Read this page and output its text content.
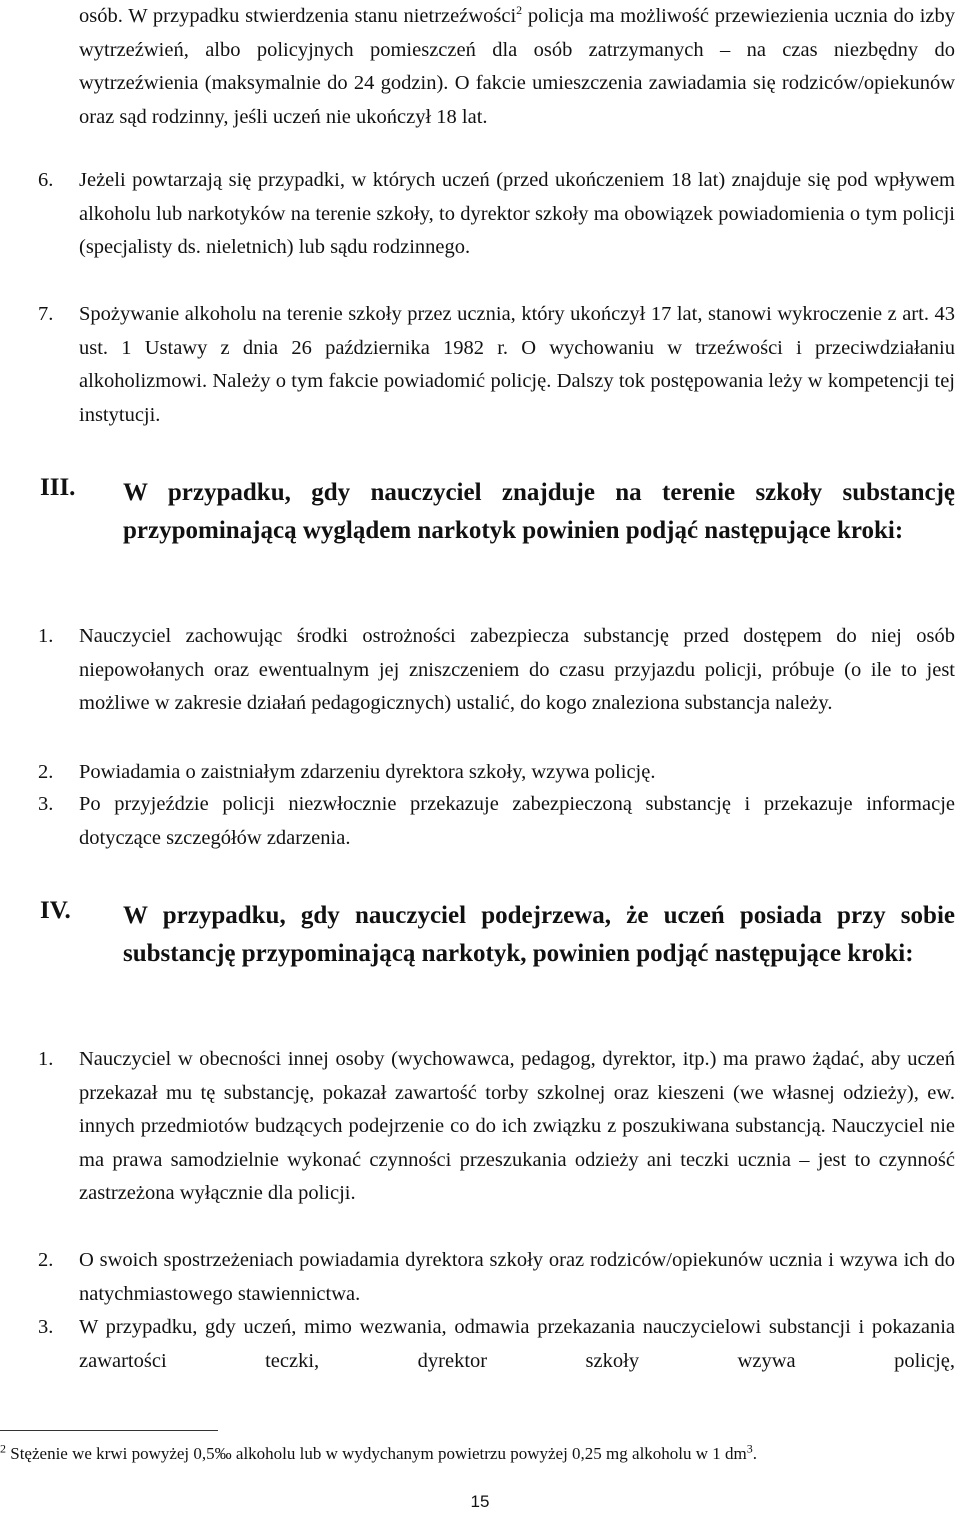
osób. W przypadku stwierdzenia stanu nietrzeźwości$^2$ policja ma możliwość przewiezienia ucznia do izby wytrzeźwień, albo policyjnych pomieszczeń dla osób zatrzymanych – na czas niezbędny do wytrzeźwienia (maksymalnie do 24 godzin). O fakcie umieszczenia zawiadamia się rodziców/opiekunów oraz sąd rodzinny, jeśli uczeń nie ukończył 18 lat.
6. Jeżeli powtarzają się przypadki, w których uczeń (przed ukończeniem 18 lat) znajduje się pod wpływem alkoholu lub narkotyków na terenie szkoły, to dyrektor szkoły ma obowiązek powiadomienia o tym policji (specjalisty ds. nieletnich) lub sądu rodzinnego.
7. Spożywanie alkoholu na terenie szkoły przez ucznia, który ukończył 17 lat, stanowi wykroczenie z art. 43 ust. 1 Ustawy z dnia 26 października 1982 r. O wychowaniu w trzeźwości i przeciwdziałaniu alkoholizmowi. Należy o tym fakcie powiadomić policję. Dalszy tok postępowania leży w kompetencji tej instytucji.
III. W przypadku, gdy nauczyciel znajduje na terenie szkoły substancję przypominającą wyglądem narkotyk powinien podjąć następujące kroki:
1. Nauczyciel zachowując środki ostrożności zabezpiecza substancję przed dostępem do niej osób niepowołanych oraz ewentualnym jej zniszczeniem do czasu przyjazdu policji, próbuje (o ile to jest możliwe w zakresie działań pedagogicznych) ustalić, do kogo znaleziona substancja należy.
2. Powiadamia o zaistniałym zdarzeniu dyrektora szkoły, wzywa policję.
3. Po przyjeździe policji niezwłocznie przekazuje zabezpieczoną substancję i przekazuje informacje dotyczące szczegółów zdarzenia.
IV. W przypadku, gdy nauczyciel podejrzewa, że uczeń posiada przy sobie substancję przypominającą narkotyk, powinien podjąć następujące kroki:
1. Nauczyciel w obecności innej osoby (wychowawca, pedagog, dyrektor, itp.) ma prawo żądać, aby uczeń przekazał mu tę substancję, pokazał zawartość torby szkolnej oraz kieszeni (we własnej odzieży), ew. innych przedmiotów budzących podejrzenie co do ich związku z poszukiwana substancją. Nauczyciel nie ma prawa samodzielnie wykonać czynności przeszukania odzieży ani teczki ucznia – jest to czynność zastrzeżona wyłącznie dla policji.
2. O swoich spostrzeżeniach powiadamia dyrektora szkoły oraz rodziców/opiekunów ucznia i wzywa ich do natychmiastowego stawiennictwa.
3. W przypadku, gdy uczeń, mimo wezwania, odmawia przekazania nauczycielowi substancji i pokazania zawartości teczki, dyrektor szkoły wzywa policję,
$^2$ Stężenie we krwi powyżej 0,5‰ alkoholu lub w wydychanym powietrzu powyżej 0,25 mg alkoholu w 1 $dm^3$.
15
